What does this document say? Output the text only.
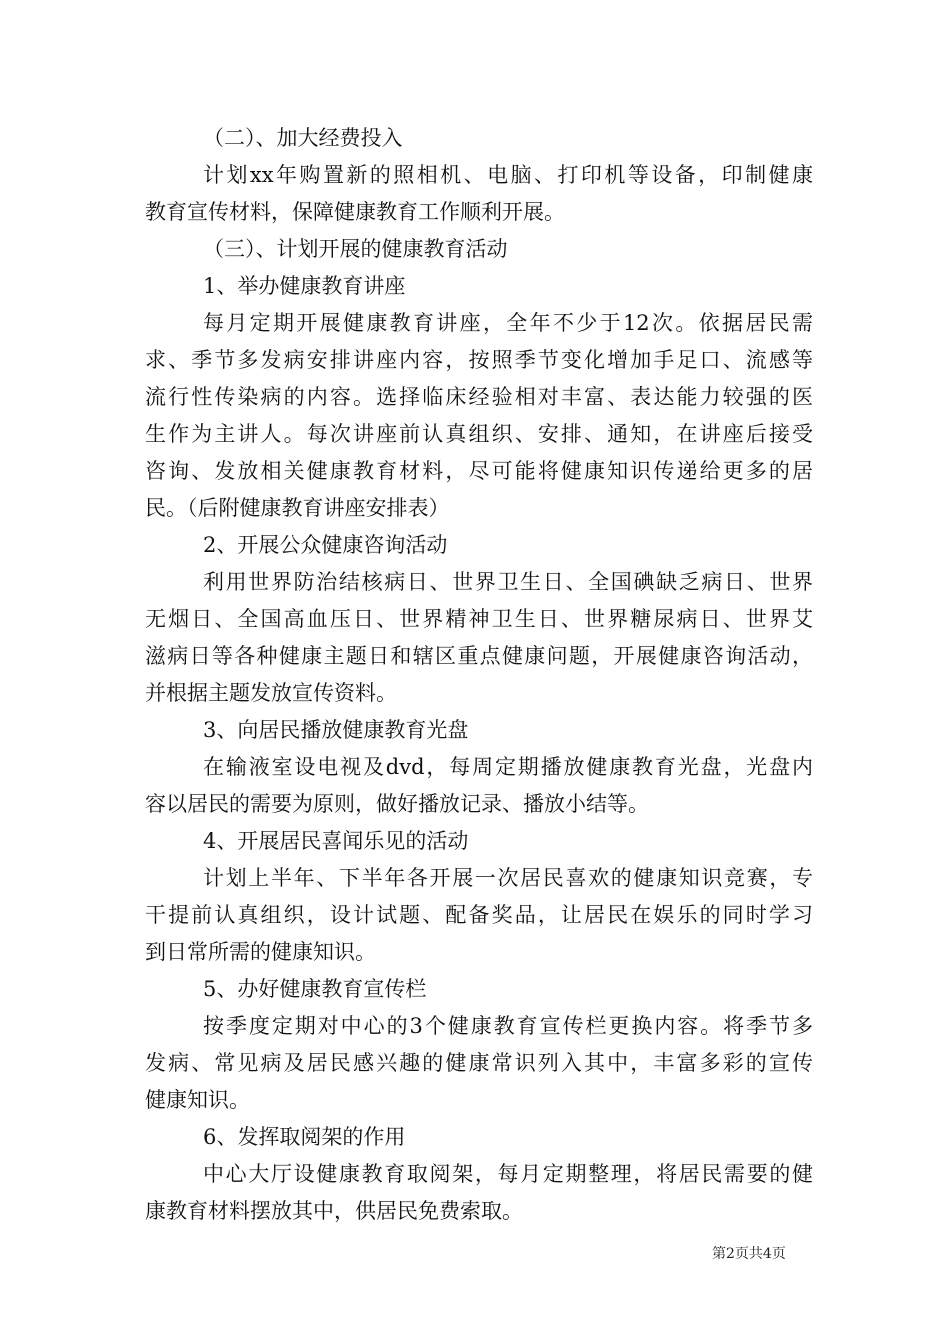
（二）、加大经费投入
计划xx年购置新的照相机、电脑、打印机等设备，印制健康
教育宣传材料，保障健康教育工作顺利开展。
（三）、计划开展的健康教育活动
1、举办健康教育讲座
每月定期开展健康教育讲座，全年不少于12次。依据居民需
求、季节多发病安排讲座内容，按照季节变化增加手足口、流感等
流行性传染病的内容。选择临床经验相对丰富、表达能力较强的医
生作为主讲人。每次讲座前认真组织、安排、通知，在讲座后接受
咨询、发放相关健康教育材料，尽可能将健康知识传递给更多的居
民。（后附健康教育讲座安排表）
2、开展公众健康咨询活动
利用世界防治结核病日、世界卫生日、全国碘缺乏病日、世界
无烟日、全国高血压日、世界精神卫生日、世界糖尿病日、世界艾
滋病日等各种健康主题日和辖区重点健康问题，开展健康咨询活动，
并根据主题发放宣传资料。
3、向居民播放健康教育光盘
在输液室设电视及dvd，每周定期播放健康教育光盘，光盘内
容以居民的需要为原则，做好播放记录、播放小结等。
4、开展居民喜闻乐见的活动
计划上半年、下半年各开展一次居民喜欢的健康知识竞赛，专
干提前认真组织，设计试题、配备奖品，让居民在娱乐的同时学习
到日常所需的健康知识。
5、办好健康教育宣传栏
按季度定期对中心的3个健康教育宣传栏更换内容。将季节多
发病、常见病及居民感兴趣的健康常识列入其中，丰富多彩的宣传
健康知识。
6、发挥取阅架的作用
中心大厅设健康教育取阅架，每月定期整理，将居民需要的健
康教育材料摆放其中，供居民免费索取。
第2页共4页
